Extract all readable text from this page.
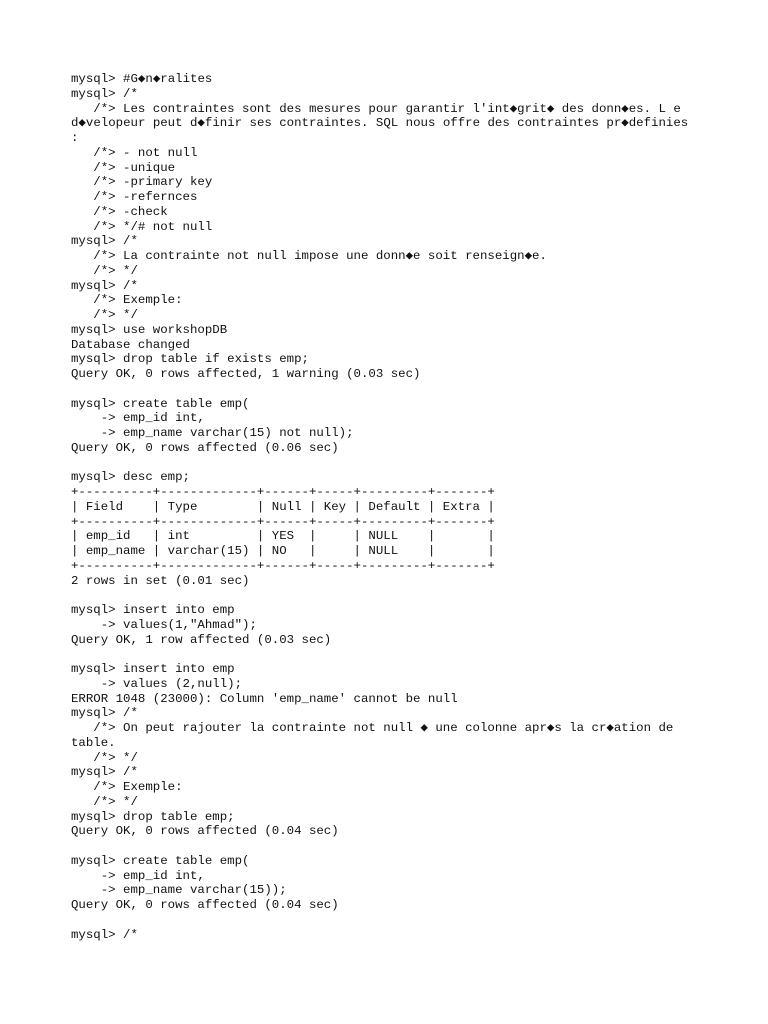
mysql> #G◆n◆ralites
mysql> /*
/*> Les contraintes sont des mesures pour garantir l'int◆grit◆ des donn◆es. L e
d◆velopeur peut d◆finir ses contraintes. SQL nous offre des contraintes pr◆definies
:
/*> - not null
/*> -unique
/*> -primary key
/*> -refernces
/*> -check
/*> */# not null
mysql> /*
/*> La contrainte not null impose une donn◆e soit renseign◆e.
/*> */
mysql> /*
/*> Exemple:
/*> */
mysql> use workshopDB
Database changed
mysql> drop table if exists emp;
Query OK, 0 rows affected, 1 warning (0.03 sec)
mysql> create table emp(
-> emp_id int,
-> emp_name varchar(15) not null);
Query OK, 0 rows affected (0.06 sec)
mysql> desc emp;
+----------+-------------+------+-----+---------+-------+
| Field    | Type        | Null | Key | Default | Extra |
+----------+-------------+------+-----+---------+-------+
| emp_id   | int         | YES  |     | NULL    |       |
| emp_name | varchar(15) | NO   |     | NULL    |       |
+----------+-------------+------+-----+---------+-------+
2 rows in set (0.01 sec)
mysql> insert into emp
-> values(1,"Ahmad");
Query OK, 1 row affected (0.03 sec)
mysql> insert into emp
-> values (2,null);
ERROR 1048 (23000): Column 'emp_name' cannot be null
mysql> /*
/*> On peut rajouter la contrainte not null ◆ une colonne apr◆s la cr◆ation de
table.
/*> */
mysql> /*
/*> Exemple:
/*> */
mysql> drop table emp;
Query OK, 0 rows affected (0.04 sec)
mysql> create table emp(
-> emp_id int,
-> emp_name varchar(15));
Query OK, 0 rows affected (0.04 sec)
mysql> /*
